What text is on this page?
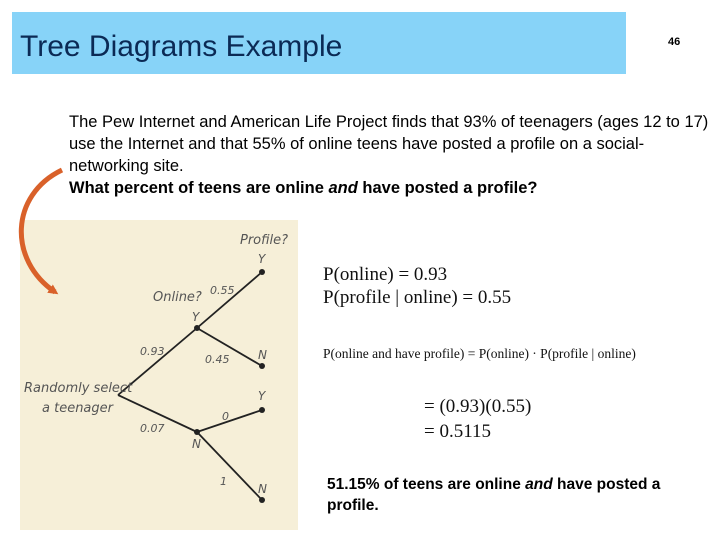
Tree Diagrams Example	46
The Pew Internet and American Life Project finds that 93% of teenagers (ages 12 to 17) use the Internet and that 55% of online teens have posted a profile on a social-networking site.
What percent of teens are online and have posted a profile?
Profile?
Online?
Randomly select
a teenager
0.93
0.07
Y
N
0.55
0.45
0
1
Y
N
Y
N
P(online) = 0.93
P(profile | online) = 0.55
P(online and have profile) = P(online) · P(profile | online)
= (0.93)(0.55)
= 0.5115
51.15% of teens are online and have posted a profile.
